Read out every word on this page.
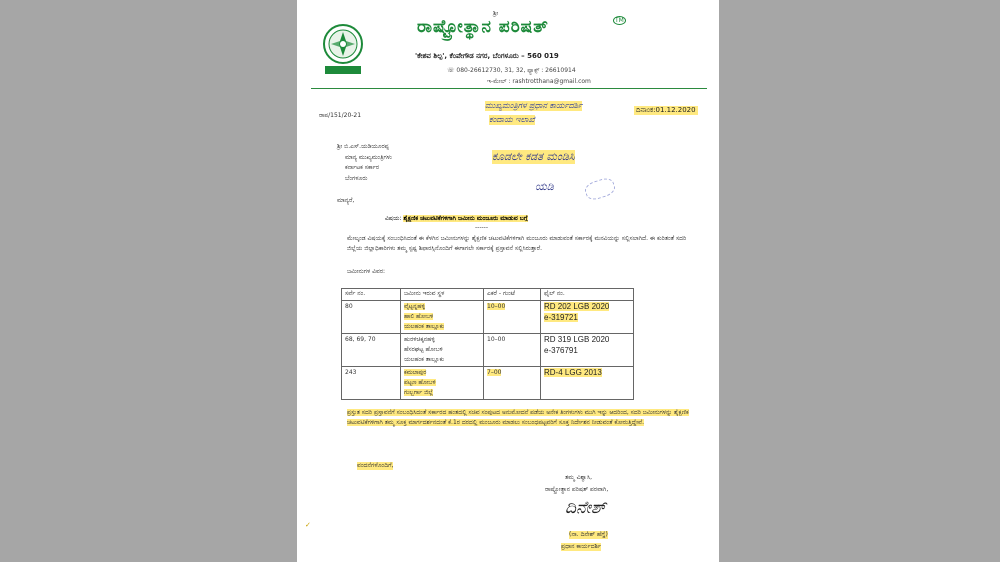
ಶ್ರೀ
ರಾಷ್ಟ್ರೋತ್ಥಾನ ಪರಿಷತ್	TM
'ಕೇಶವ ಶಿಲ್ಪ', ಕೆಂಪೇಗೌಡ ನಗರ, ಬೆಂಗಳೂರು – 560 019
☏ 080-26612730, 31, 32, ಫ್ಯಾಕ್ಸ್ : 26610914
ಇ-ಮೇಲ್ : rashtrotthana@gmail.com
ರಾಪ/151/20-21
ಮುಖ್ಯಮಂತ್ರಿಗಳ ಪ್ರಧಾನ ಕಾರ್ಯದರ್ಶಿ
ಕಂದಾಯ ಇಲಾಖೆ
ದಿನಾಂಕ:01.12.2020
ಶ್ರೀ ಬಿ.ಎಸ್.ಯಡಿಯೂರಪ್ಪ
ಮಾನ್ಯ ಮುಖ್ಯಮಂತ್ರಿಗಳು
ಕರ್ನಾಟಕ ಸರ್ಕಾರ
ಬೆಂಗಳೂರು
ಕೂಡಲೇ ಕಡತ ಮಂಡಿಸಿ
ಯಡಿ
ಮಾನ್ಯರೆ,
ವಿಷಯ: ಶೈಕ್ಷಣಿಕ ಚಟುವಟಿಕೆಗಳಿಗಾಗಿ ಜಮೀನು ಮಂಜೂರು ಮಾಡುವ ಬಗ್ಗೆ
------
ಮೇಲ್ಕಂಡ ವಿಷಯಕ್ಕೆ ಸಂಬಂಧಿಸಿದಂತೆ ಈ ಕೆಳಗಿನ ಜಮೀನುಗಳನ್ನು ಶೈಕ್ಷಣಿಕ ಚಟುವಟಿಕೆಗಳಿಗಾಗಿ ಮಂಜೂರು ಮಾಡುವಂತೆ ಸರ್ಕಾರಕ್ಕೆ ಮನವಿಯನ್ನು ಸಲ್ಲಿಸಲಾಗಿದೆ. ಈ ಕುರಿತಂತೆ ಸದರಿ ಜಿಲ್ಲೆಯ ಜಿಲ್ಲಾಧಿಕಾರಿಗಳು ತಮ್ಮ ಸ್ಪಷ್ಟ ಶಿಫಾರಸ್ಸಿನೊಂದಿಗೆ ಈಗಾಗಲೇ ಸರ್ಕಾರಕ್ಕೆ ಪ್ರಸ್ತಾವನೆ ಸಲ್ಲಿಸಿರುತ್ತಾರೆ.
ಜಮೀನುಗಳ ವಿವರ:
ಸರ್ವೆ ನಂ.	ಜಮೀನು ಇರುವ ಸ್ಥಳ	ಎಕರೆ - ಗುಂಟೆ	ಫೈಲ್ ನಂ.
80	ವೈಟ್ಟನ್ನಹಳ್ಳಿ
ಹಾಲಿ ಹೋಬಳಿ
ಯಲಹಂಕ ತಾಲ್ಲೂಕು	10–00	RD 202 LGB 2020
e-319721
68, 69, 70	ಹುರಳಿಚಿಕ್ಕನಹಳ್ಳಿ
ಹೆಸರಘಟ್ಟ ಹೋಬಳಿ
ಯಲಹಂಕ ತಾಲ್ಲೂಕು	10–00	RD 319 LGB 2020
e-376791
243	ಕಮಲಾಪುರ
ಪಟ್ಟಣ ಹೋಬಳಿ
ಗುಲ್ಬರ್ಗಾ ಜಿಲ್ಲೆ	7–00	RD-4 LGG 2013
ಪ್ರಸ್ತುತ ಸದರಿ ಪ್ರಸ್ತಾವನೆಗೆ ಸಂಬಂಧಿಸಿದಂತೆ ಸರ್ಕಾರದ ಹಂತದಲ್ಲಿ ಸಚಿವ ಸಂಪುಟದ ಅನುಮೋದನೆ ಪಡೆಯ ಅನೇಕ ತಿಂಗಳುಗಳು ಮುಗಿ ಇನ್ನು ಆದರಿಂದ, ಸದರಿ ಜಮೀನುಗಳನ್ನು ಶೈಕ್ಷಣಿಕ ಚಟುವಟಿಕೆಗಳಿಗಾಗಿ ತಮ್ಮ ಸೂಕ್ತ ಮಾರ್ಗದರ್ಶನದಂತೆ ಕೆ.1ರ ದರದಲ್ಲಿ ಮಂಜೂರು ಮಾಡಲು ಸಂಬಂಧಪಟ್ಟವರಿಗೆ ಸೂಕ್ತ ನಿರ್ದೇಶನ ನೀಡುವಂತೆ ಕೋರುತ್ತಿದ್ದೇವೆ.
ವಂದನೆಗಳೊಂದಿಗೆ,
ತಮ್ಮ ವಿಶ್ವಾಸಿ,
ರಾಷ್ಟ್ರೋತ್ಥಾನ ಪರಿಷತ್ ಪರವಾಗಿ,
ದಿನೇಶ್
(ನಾ. ದಿನೇಶ್ ಹೆಗ್ಡೆ)
ಪ್ರಧಾನ ಕಾರ್ಯದರ್ಶಿ
✓
